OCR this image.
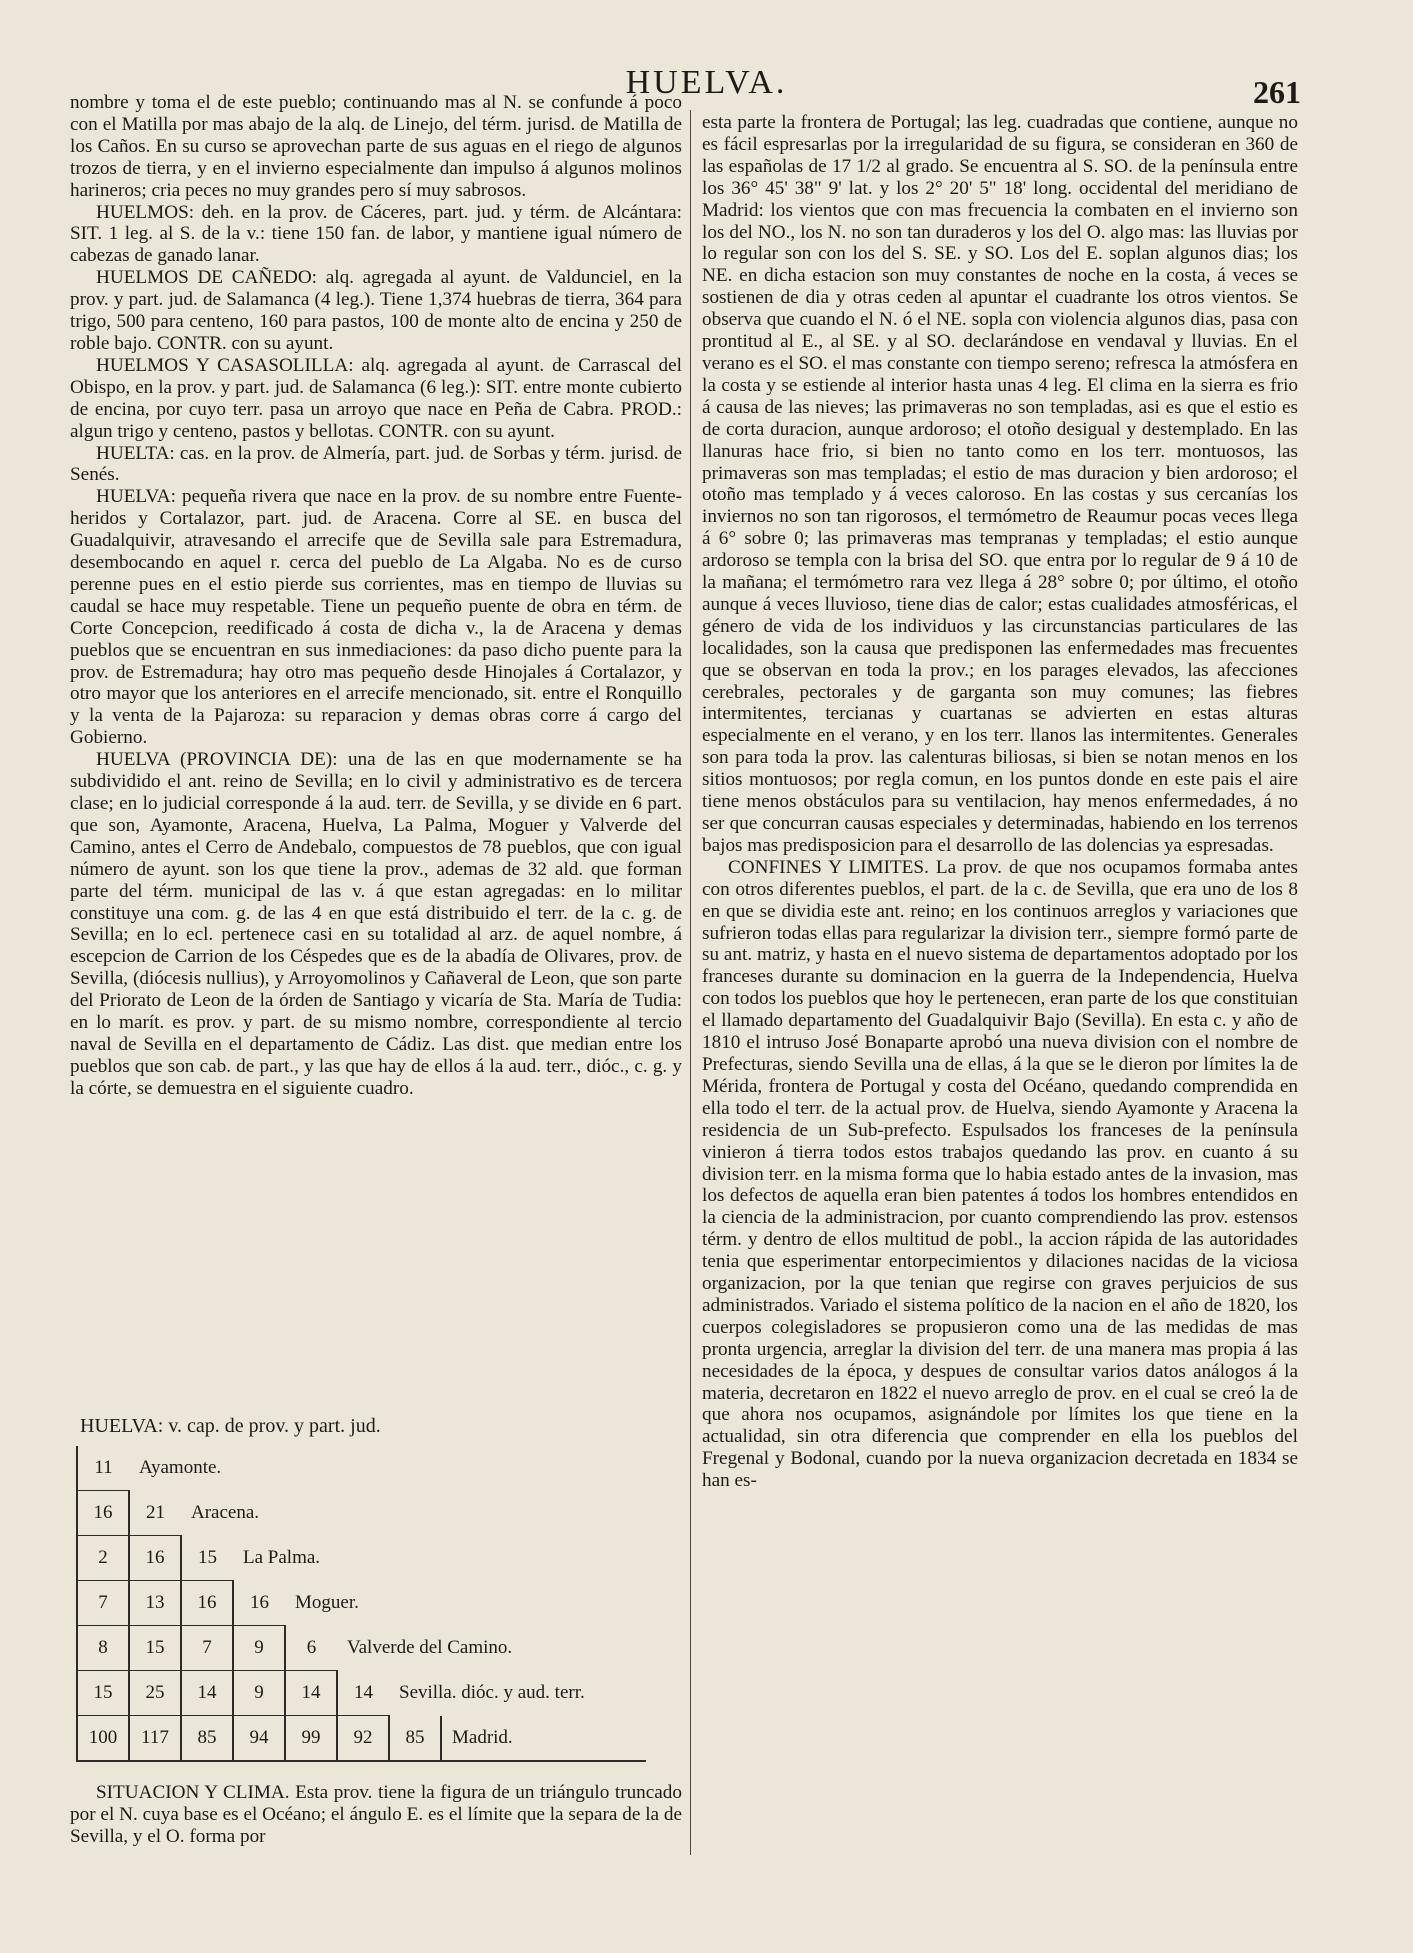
HUELVA.	261

nombre y toma el de este pueblo; continuando mas al N. se confunde á poco con el Matilla por mas abajo de la alq. de Linejo, del térm. jurisd. de Matilla de los Caños. En su curso se aprovechan parte de sus aguas en el riego de algunos trozos de tierra, y en el invierno especialmente dan impulso á algunos molinos harineros; cria peces no muy grandes pero sí muy sabrosos.

HUELMOS: deh. en la prov. de Cáceres, part. jud. y térm. de Alcántara: SIT. 1 leg. al S. de la v.: tiene 150 fan. de labor, y mantiene igual número de cabezas de ganado lanar.

HUELMOS DE CAÑEDO: alq. agregada al ayunt. de Valdunciel, en la prov. y part. jud. de Salamanca (4 leg.). Tiene 1,374 huebras de tierra, 364 para trigo, 500 para centeno, 160 para pastos, 100 de monte alto de encina y 250 de roble bajo. CONTR. con su ayunt.

HUELMOS Y CASASOLILLA: alq. agregada al ayunt. de Carrascal del Obispo, en la prov. y part. jud. de Salamanca (6 leg.): SIT. entre monte cubierto de encina, por cuyo terr. pasa un arroyo que nace en Peña de Cabra. PROD.: algun trigo y centeno, pastos y bellotas. CONTR. con su ayunt.

HUELTA: cas. en la prov. de Almería, part. jud. de Sorbas y térm. jurisd. de Senés.

HUELVA: pequeña rivera que nace en la prov. de su nombre entre Fuente-heridos y Cortalazor, part. jud. de Aracena. Corre al SE. en busca del Guadalquivir, atravesando el arrecife que de Sevilla sale para Estremadura, desembocando en aquel r. cerca del pueblo de La Algaba. No es de curso perenne pues en el estio pierde sus corrientes, mas en tiempo de lluvias su caudal se hace muy respetable. Tiene un pequeño puente de obra en térm. de Corte Concepcion, reedificado á costa de dicha v., la de Aracena y demas pueblos que se encuentran en sus inmediaciones: da paso dicho puente para la prov. de Estremadura; hay otro mas pequeño desde Hinojales á Cortalazor, y otro mayor que los anteriores en el arrecife mencionado, sit. entre el Ronquillo y la venta de la Pajaroza: su reparacion y demas obras corre á cargo del Gobierno.

HUELVA (PROVINCIA DE): una de las en que modernamente se ha subdividido el ant. reino de Sevilla; en lo civil y administrativo es de tercera clase; en lo judicial corresponde á la aud. terr. de Sevilla, y se divide en 6 part. que son, Ayamonte, Aracena, Huelva, La Palma, Moguer y Valverde del Camino, antes el Cerro de Andebalo, compuestos de 78 pueblos, que con igual número de ayunt. son los que tiene la prov., ademas de 32 ald. que forman parte del térm. municipal de las v. á que estan agregadas: en lo militar constituye una com. g. de las 4 en que está distribuido el terr. de la c. g. de Sevilla; en lo ecl. pertenece casi en su totalidad al arz. de aquel nombre, á escepcion de Carrion de los Céspedes que es de la abadía de Olivares, prov. de Sevilla, (diócesis nullius), y Arroyomolinos y Cañaveral de Leon, que son parte del Priorato de Leon de la órden de Santiago y vicaría de Sta. María de Tudia: en lo marít. es prov. y part. de su mismo nombre, correspondiente al tercio naval de Sevilla en el departamento de Cádiz. Las dist. que median entre los pueblos que son cab. de part., y las que hay de ellos á la aud. terr., dióc., c. g. y la córte, se demuestra en el siguiente cuadro.

HUELVA: v. cap. de prov. y part. jud.
11	Ayamonte.						
16	21	Aracena.					
2	16	15	La Palma.				
7	13	16	16	Moguer.			
8	15	7	9	6	Valverde del Camino.		
15	25	14	9	14	14	Sevilla. dióc. y aud. terr.	
100	117	85	94	99	92	85	Madrid.

SITUACION Y CLIMA. Esta prov. tiene la figura de un triángulo truncado por el N. cuya base es el Océano; el ángulo E. es el límite que la separa de la de Sevilla, y el O. forma por

esta parte la frontera de Portugal; las leg. cuadradas que contiene, aunque no es fácil espresarlas por la irregularidad de su figura, se consideran en 360 de las españolas de 17 1/2 al grado. Se encuentra al S. SO. de la península entre los 36° 45' 38" 9' lat. y los 2° 20' 5" 18' long. occidental del meridiano de Madrid: los vientos que con mas frecuencia la combaten en el invierno son los del NO., los N. no son tan duraderos y los del O. algo mas: las lluvias por lo regular son con los del S. SE. y SO. Los del E. soplan algunos dias; los NE. en dicha estacion son muy constantes de noche en la costa, á veces se sostienen de dia y otras ceden al apuntar el cuadrante los otros vientos. Se observa que cuando el N. ó el NE. sopla con violencia algunos dias, pasa con prontitud al E., al SE. y al SO. declarándose en vendaval y lluvias. En el verano es el SO. el mas constante con tiempo sereno; refresca la atmósfera en la costa y se estiende al interior hasta unas 4 leg. El clima en la sierra es frio á causa de las nieves; las primaveras no son templadas, asi es que el estio es de corta duracion, aunque ardoroso; el otoño desigual y destemplado. En las llanuras hace frio, si bien no tanto como en los terr. montuosos, las primaveras son mas templadas; el estio de mas duracion y bien ardoroso; el otoño mas templado y á veces caloroso. En las costas y sus cercanías los inviernos no son tan rigorosos, el termómetro de Reaumur pocas veces llega á 6° sobre 0; las primaveras mas tempranas y templadas; el estio aunque ardoroso se templa con la brisa del SO. que entra por lo regular de 9 á 10 de la mañana; el termómetro rara vez llega á 28° sobre 0; por último, el otoño aunque á veces lluvioso, tiene dias de calor; estas cualidades atmosféricas, el género de vida de los individuos y las circunstancias particulares de las localidades, son la causa que predisponen las enfermedades mas frecuentes que se observan en toda la prov.; en los parages elevados, las afecciones cerebrales, pectorales y de garganta son muy comunes; las fiebres intermitentes, tercianas y cuartanas se advierten en estas alturas especialmente en el verano, y en los terr. llanos las intermitentes. Generales son para toda la prov. las calenturas biliosas, si bien se notan menos en los sitios montuosos; por regla comun, en los puntos donde en este pais el aire tiene menos obstáculos para su ventilacion, hay menos enfermedades, á no ser que concurran causas especiales y determinadas, habiendo en los terrenos bajos mas predisposicion para el desarrollo de las dolencias ya espresadas.

CONFINES Y LIMITES. La prov. de que nos ocupamos formaba antes con otros diferentes pueblos, el part. de la c. de Sevilla, que era uno de los 8 en que se dividia este ant. reino; en los continuos arreglos y variaciones que sufrieron todas ellas para regularizar la division terr., siempre formó parte de su ant. matriz, y hasta en el nuevo sistema de departamentos adoptado por los franceses durante su dominacion en la guerra de la Independencia, Huelva con todos los pueblos que hoy le pertenecen, eran parte de los que constituian el llamado departamento del Guadalquivir Bajo (Sevilla). En esta c. y año de 1810 el intruso José Bonaparte aprobó una nueva division con el nombre de Prefecturas, siendo Sevilla una de ellas, á la que se le dieron por límites la de Mérida, frontera de Portugal y costa del Océano, quedando comprendida en ella todo el terr. de la actual prov. de Huelva, siendo Ayamonte y Aracena la residencia de un Sub-prefecto. Espulsados los franceses de la península vinieron á tierra todos estos trabajos quedando las prov. en cuanto á su division terr. en la misma forma que lo habia estado antes de la invasion, mas los defectos de aquella eran bien patentes á todos los hombres entendidos en la ciencia de la administracion, por cuanto comprendiendo las prov. estensos térm. y dentro de ellos multitud de pobl., la accion rápida de las autoridades tenia que esperimentar entorpecimientos y dilaciones nacidas de la viciosa organizacion, por la que tenian que regirse con graves perjuicios de sus administrados. Variado el sistema político de la nacion en el año de 1820, los cuerpos colegisladores se propusieron como una de las medidas de mas pronta urgencia, arreglar la division del terr. de una manera mas propia á las necesidades de la época, y despues de consultar varios datos análogos á la materia, decretaron en 1822 el nuevo arreglo de prov. en el cual se creó la de que ahora nos ocupamos, asignándole por límites los que tiene en la actualidad, sin otra diferencia que comprender en ella los pueblos del Fregenal y Bodonal, cuando por la nueva organizacion decretada en 1834 se han es-
